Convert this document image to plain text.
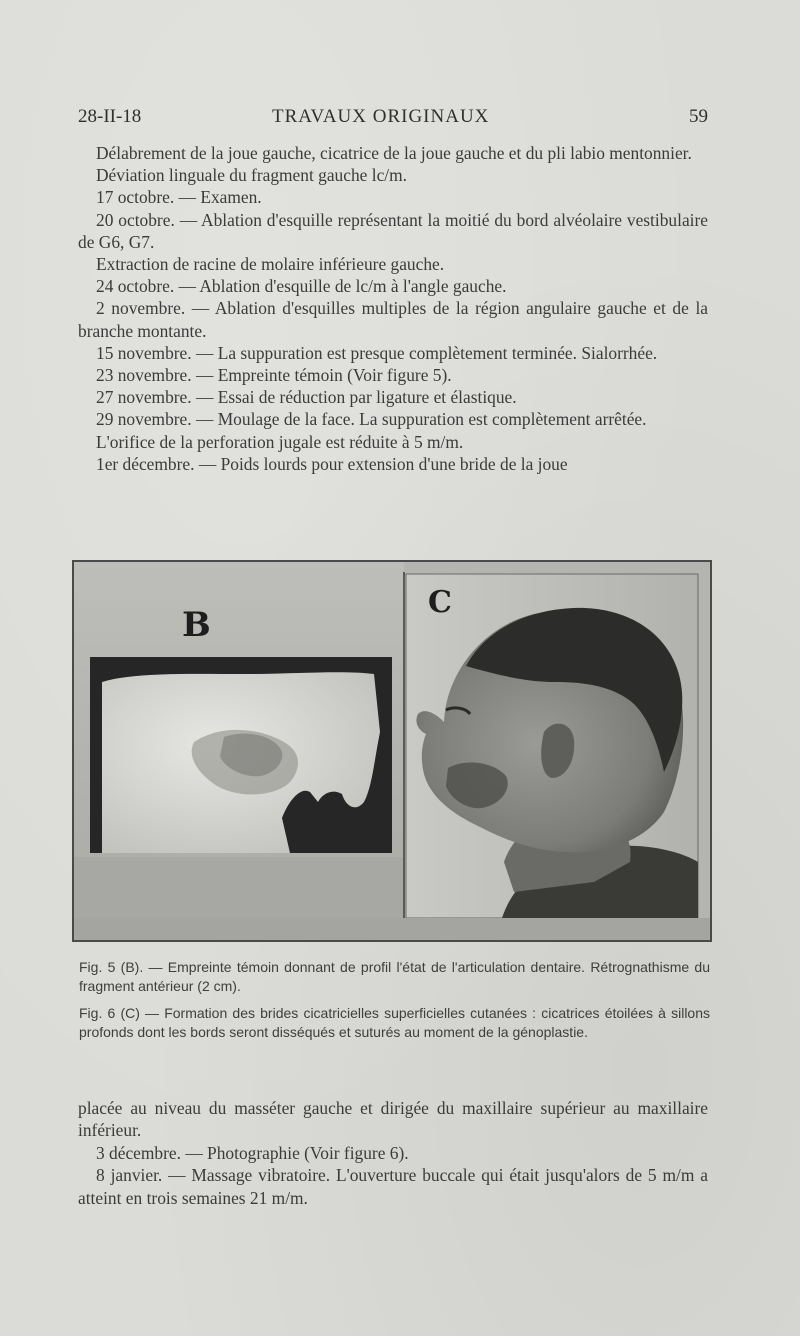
28-II-18	TRAVAUX ORIGINAUX	59

Délabrement de la joue gauche, cicatrice de la joue gauche et du pli labio mentonnier.

Déviation linguale du fragment gauche lc/m.

17 octobre. — Examen.

20 octobre. — Ablation d'esquille représentant la moitié du bord alvéolaire vestibulaire de G6, G7.

Extraction de racine de molaire inférieure gauche.

24 octobre. — Ablation d'esquille de lc/m à l'angle gauche.

2 novembre. — Ablation d'esquilles multiples de la région angulaire gauche et de la branche montante.

15 novembre. — La suppuration est presque complètement terminée. Sialorrhée.

23 novembre. — Empreinte témoin (Voir figure 5).

27 novembre. — Essai de réduction par ligature et élastique.

29 novembre. — Moulage de la face. La suppuration est complètement arrêtée.

L'orifice de la perforation jugale est réduite à 5 m/m.

1er décembre. — Poids lourds pour extension d'une bride de la joue

B
C

Fig. 5 (B). — Empreinte témoin donnant de profil l'état de l'articulation dentaire. Rétrognathisme du fragment antérieur (2 cm).

Fig. 6 (C) — Formation des brides cicatricielles superficielles cutanées : cicatrices étoilées à sillons profonds dont les bords seront disséqués et suturés au moment de la génoplastie.

placée au niveau du masséter gauche et dirigée du maxillaire supérieur au maxillaire inférieur.

3 décembre. — Photographie (Voir figure 6).

8 janvier. — Massage vibratoire. L'ouverture buccale qui était jusqu'alors de 5 m/m a atteint en trois semaines 21 m/m.
